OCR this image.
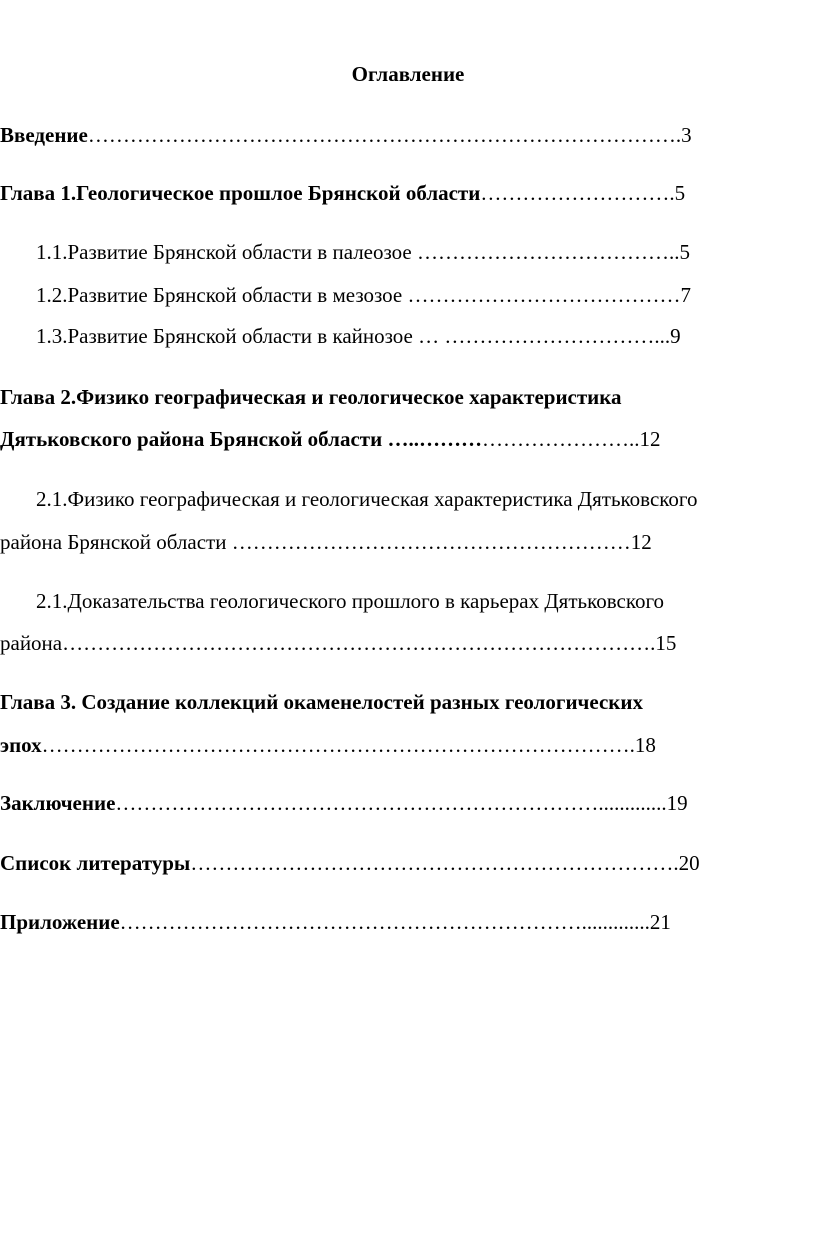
Оглавление
Введение………………………………………………………………………….3
Глава 1.Геологическое прошлое Брянской области……………………….5
1.1.Развитие Брянской области в палеозое ………………………………..5
1.2.Развитие Брянской области в мезозое …………………………………7
1.3.Развитие Брянской области в кайнозое … …………………………...9
Глава 2.Физико географическая и геологическое характеристика
Дятьковского района Брянской области …..…………………………..12
2.1.Физико географическая и геологическая характеристика Дятьковского
района Брянской области …………………………………………………12
2.1.Доказательства геологического прошлого в карьерах Дятьковского
района………………………………………………………………………….15
Глава 3. Создание коллекций окаменелостей разных геологических
эпох………………………………………………………………………….18
Заключение…………………………………………………………….............19
Список литературы…………………………………………………………….20
Приложение………………………………………………………….............21
